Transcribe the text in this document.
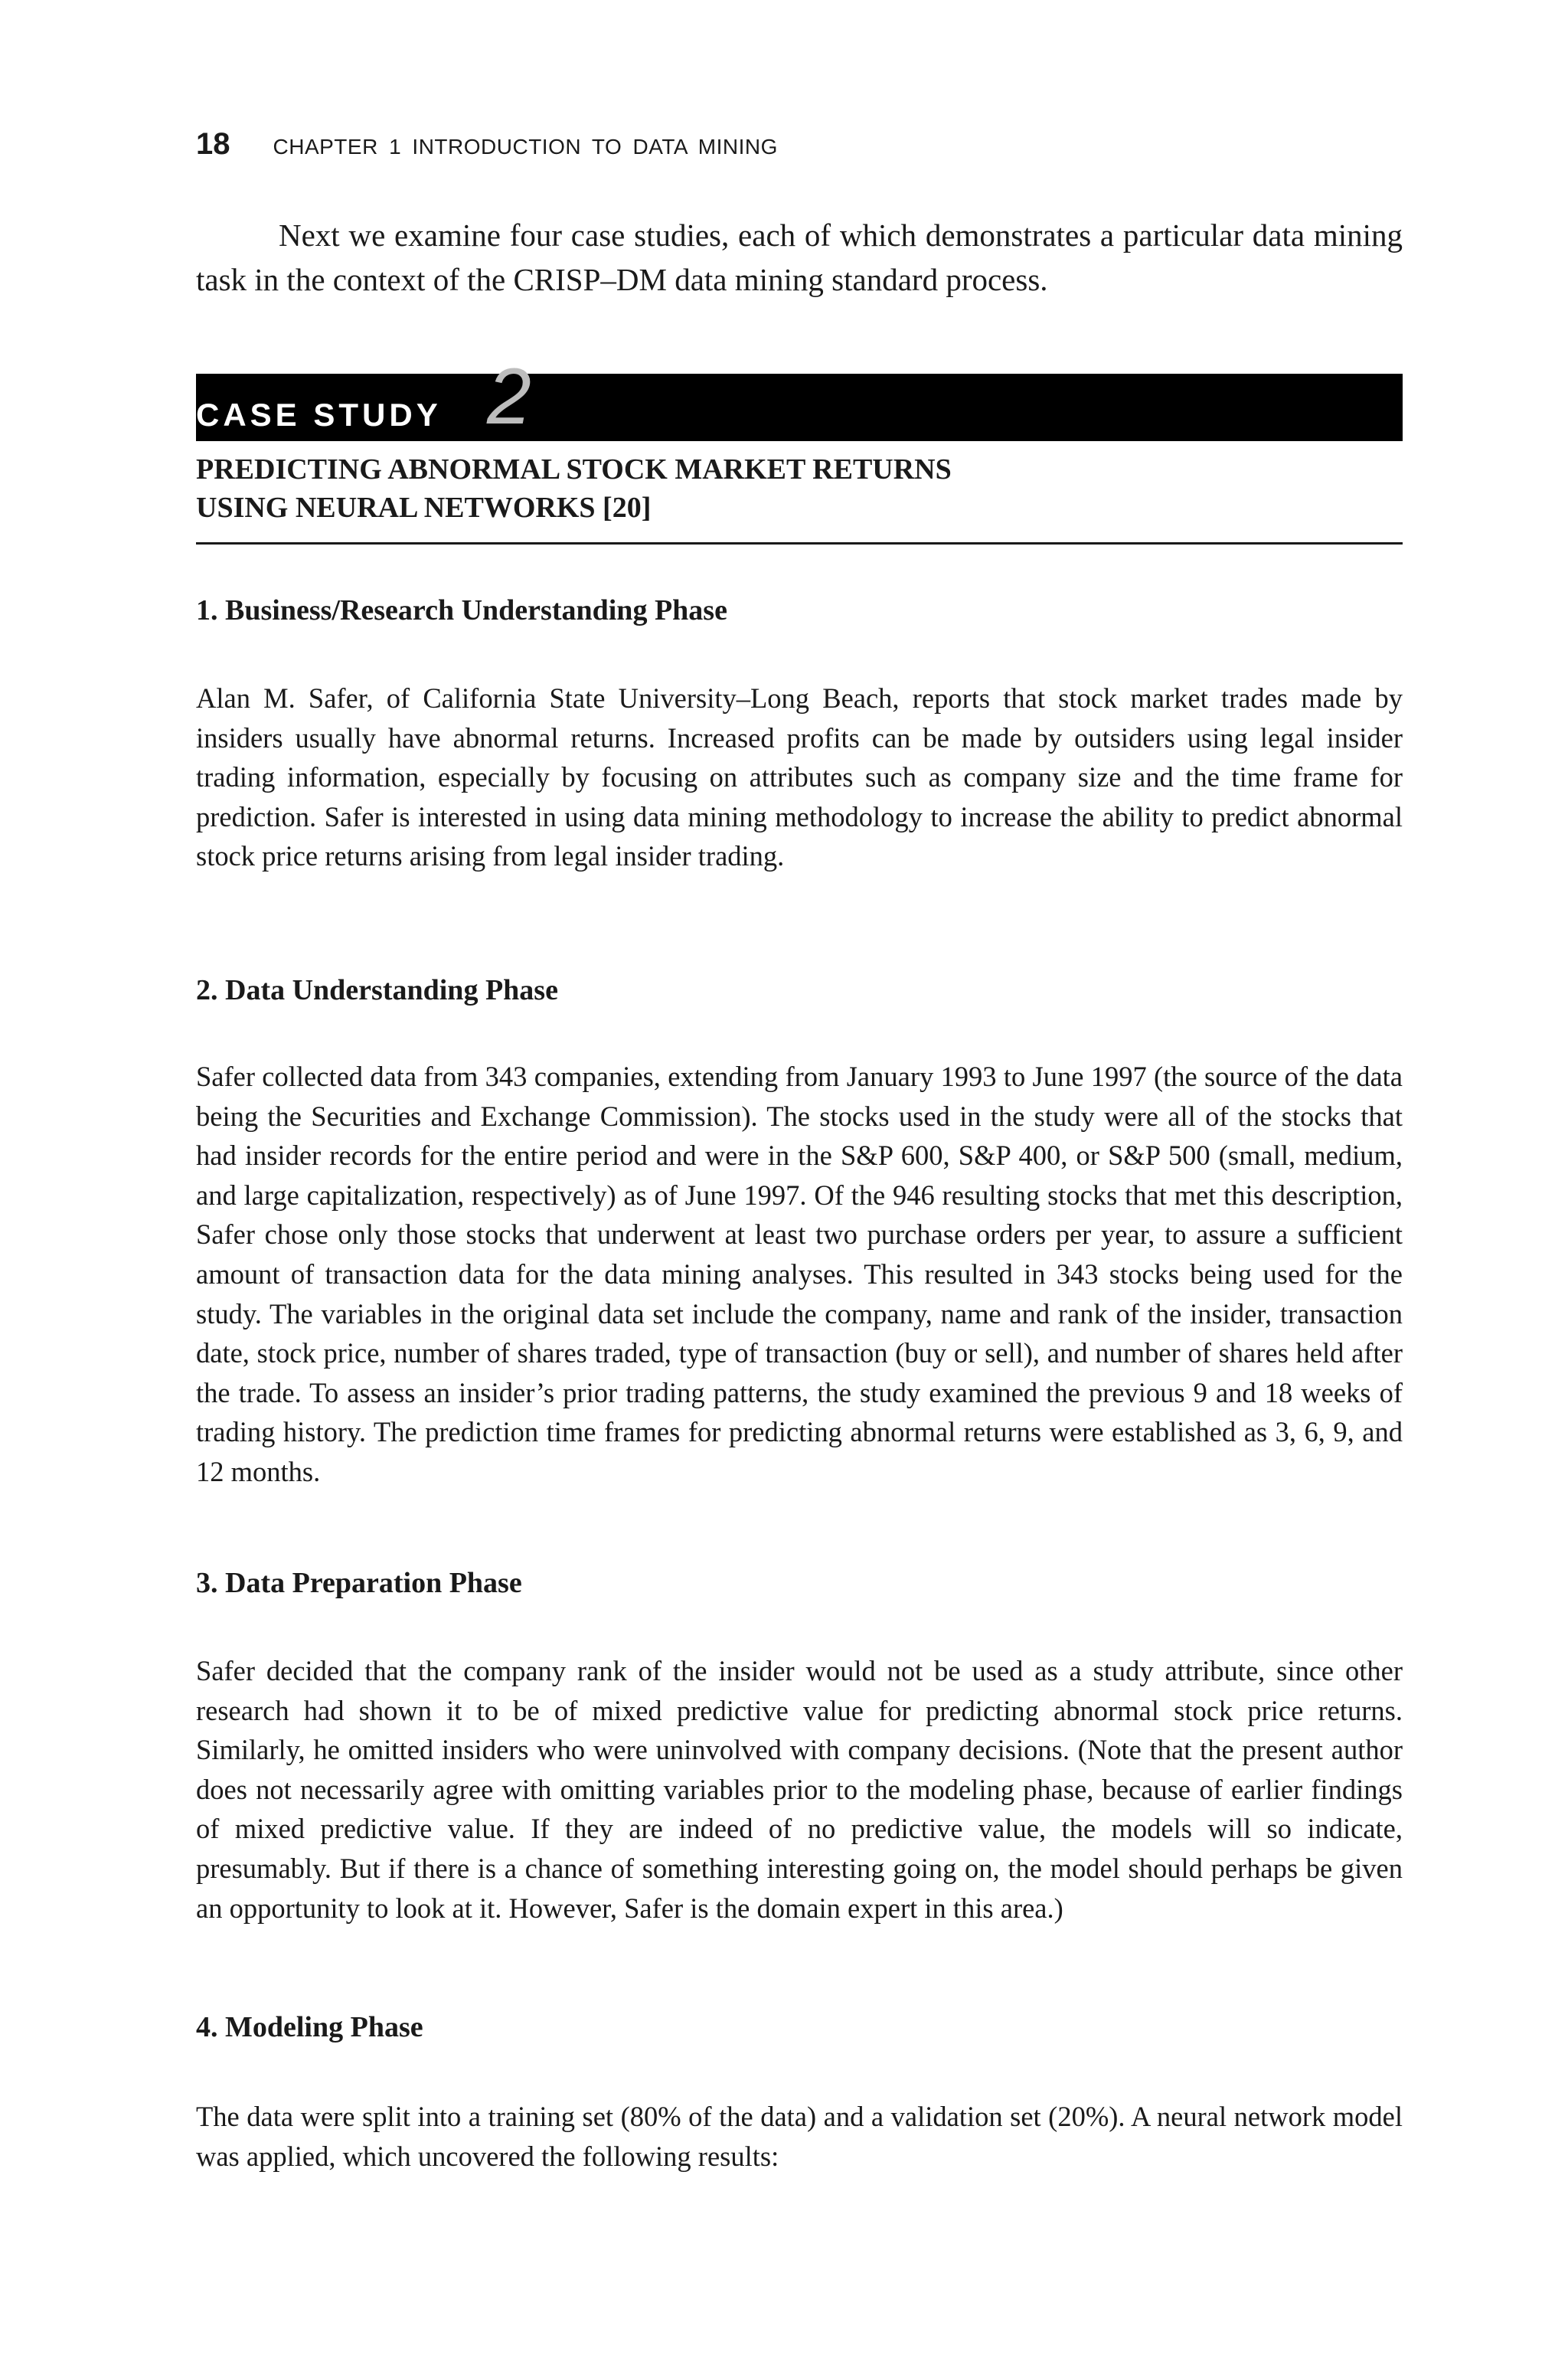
18 CHAPTER 1 INTRODUCTION TO DATA MINING

Next we examine four case studies, each of which demonstrates a particular data mining task in the context of the CRISP–DM data mining standard process.

CASE STUDY 2
PREDICTING ABNORMAL STOCK MARKET RETURNS
USING NEURAL NETWORKS [20]
1. Business/Research Understanding Phase

Alan M. Safer, of California State University–Long Beach, reports that stock market trades made by insiders usually have abnormal returns. Increased profits can be made by outsiders using legal insider trading information, especially by focusing on attributes such as company size and the time frame for prediction. Safer is interested in using data mining methodology to increase the ability to predict abnormal stock price returns arising from legal insider trading.

2. Data Understanding Phase

Safer collected data from 343 companies, extending from January 1993 to June 1997 (the source of the data being the Securities and Exchange Commission). The stocks used in the study were all of the stocks that had insider records for the entire period and were in the S&P 600, S&P 400, or S&P 500 (small, medium, and large capitalization, respectively) as of June 1997. Of the 946 resulting stocks that met this description, Safer chose only those stocks that underwent at least two purchase orders per year, to assure a sufficient amount of transaction data for the data mining analyses. This resulted in 343 stocks being used for the study. The variables in the original data set include the company, name and rank of the insider, transaction date, stock price, number of shares traded, type of transaction (buy or sell), and number of shares held after the trade. To assess an insider’s prior trading patterns, the study examined the previous 9 and 18 weeks of trading history. The prediction time frames for predicting abnormal returns were established as 3, 6, 9, and 12 months.

3. Data Preparation Phase

Safer decided that the company rank of the insider would not be used as a study attribute, since other research had shown it to be of mixed predictive value for predicting abnormal stock price returns. Similarly, he omitted insiders who were uninvolved with company decisions. (Note that the present author does not necessarily agree with omitting variables prior to the modeling phase, because of earlier findings of mixed predictive value. If they are indeed of no predictive value, the models will so indicate, presumably. But if there is a chance of something interesting going on, the model should perhaps be given an opportunity to look at it. However, Safer is the domain expert in this area.)

4. Modeling Phase

The data were split into a training set (80% of the data) and a validation set (20%). A neural network model was applied, which uncovered the following results:
